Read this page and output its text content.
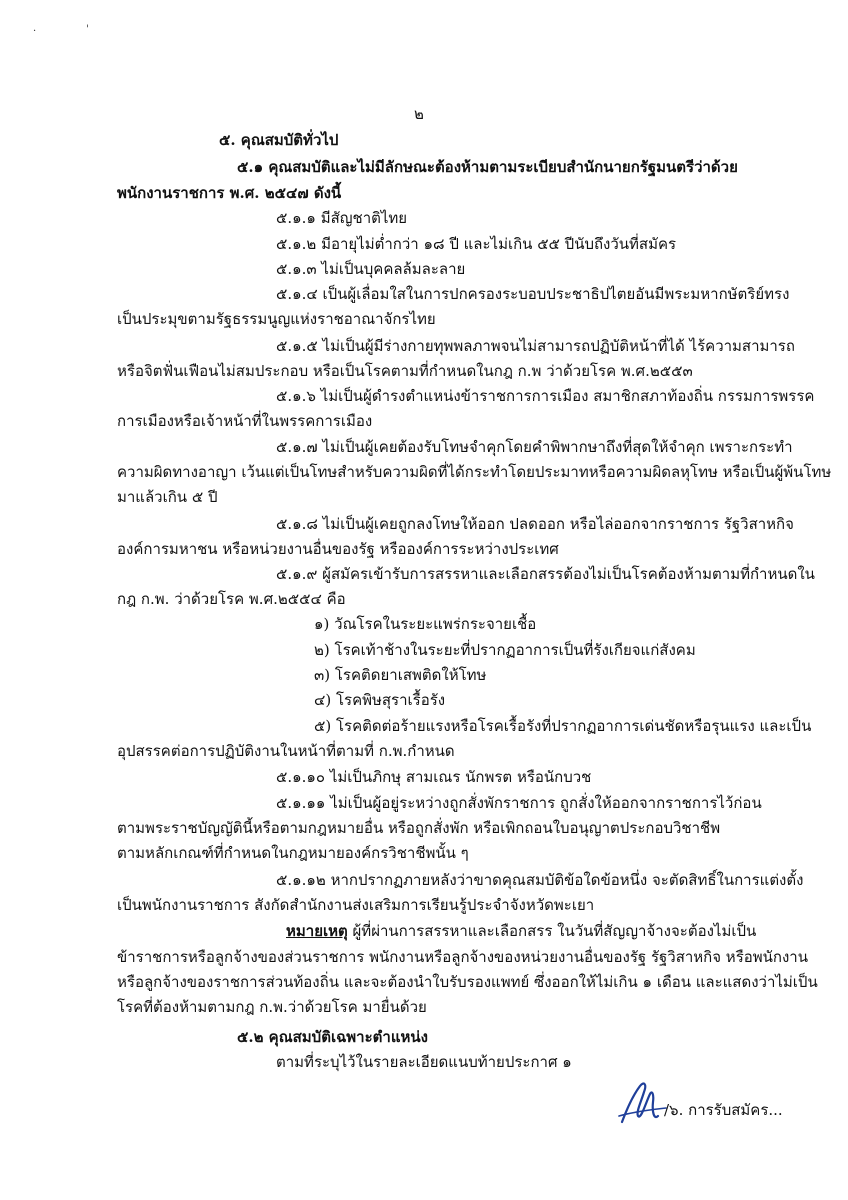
·	'
๒
๕. คุณสมบัติทั่วไป
๕.๑ คุณสมบัติและไม่มีลักษณะต้องห้ามตามระเบียบสำนักนายกรัฐมนตรีว่าด้วย
พนักงานราชการ พ.ศ. ๒๕๔๗ ดังนี้
๕.๑.๑ มีสัญชาติไทย
๕.๑.๒ มีอายุไม่ต่ำกว่า ๑๘ ปี และไม่เกิน ๕๕ ปีนับถึงวันที่สมัคร
๕.๑.๓ ไม่เป็นบุคคลล้มละลาย
๕.๑.๔ เป็นผู้เลื่อมใสในการปกครองระบอบประชาธิปไตยอันมีพระมหากษัตริย์ทรง
เป็นประมุขตามรัฐธรรมนูญแห่งราชอาณาจักรไทย
๕.๑.๕ ไม่เป็นผู้มีร่างกายทุพพลภาพจนไม่สามารถปฏิบัติหน้าที่ได้ ไร้ความสามารถ
หรือจิตฟั่นเฟือนไม่สมประกอบ หรือเป็นโรคตามที่กำหนดในกฎ ก.พ ว่าด้วยโรค พ.ศ.๒๕๕๓
๕.๑.๖ ไม่เป็นผู้ดำรงตำแหน่งข้าราชการการเมือง สมาชิกสภาท้องถิ่น กรรมการพรรค
การเมืองหรือเจ้าหน้าที่ในพรรคการเมือง
๕.๑.๗ ไม่เป็นผู้เคยต้องรับโทษจำคุกโดยคำพิพากษาถึงที่สุดให้จำคุก เพราะกระทำ
ความผิดทางอาญา เว้นแต่เป็นโทษสำหรับความผิดที่ได้กระทำโดยประมาทหรือความผิดลหุโทษ หรือเป็นผู้พ้นโทษ
มาแล้วเกิน ๕ ปี
๕.๑.๘ ไม่เป็นผู้เคยถูกลงโทษให้ออก ปลดออก หรือไล่ออกจากราชการ รัฐวิสาหกิจ
องค์การมหาชน หรือหน่วยงานอื่นของรัฐ หรือองค์การระหว่างประเทศ
๕.๑.๙ ผู้สมัครเข้ารับการสรรหาและเลือกสรรต้องไม่เป็นโรคต้องห้ามตามที่กำหนดใน
กฎ ก.พ. ว่าด้วยโรค พ.ศ.๒๕๕๔ คือ
๑) วัณโรคในระยะแพร่กระจายเชื้อ
๒) โรคเท้าช้างในระยะที่ปรากฏอาการเป็นที่รังเกียจแก่สังคม
๓) โรคติดยาเสพติดให้โทษ
๔) โรคพิษสุราเรื้อรัง
๕) โรคติดต่อร้ายแรงหรือโรคเรื้อรังที่ปรากฏอาการเด่นชัดหรือรุนแรง และเป็น
อุปสรรคต่อการปฏิบัติงานในหน้าที่ตามที่ ก.พ.กำหนด
๕.๑.๑๐ ไม่เป็นภิกษุ สามเณร นักพรต หรือนักบวช
๕.๑.๑๑ ไม่เป็นผู้อยู่ระหว่างถูกสั่งพักราชการ ถูกสั่งให้ออกจากราชการไว้ก่อน
ตามพระราชบัญญัตินี้หรือตามกฎหมายอื่น หรือถูกสั่งพัก หรือเพิกถอนใบอนุญาตประกอบวิชาชีพ
ตามหลักเกณฑ์ที่กำหนดในกฎหมายองค์กรวิชาชีพนั้น ๆ
๕.๑.๑๒ หากปรากฏภายหลังว่าขาดคุณสมบัติข้อใดข้อหนึ่ง จะตัดสิทธิ์ในการแต่งตั้ง
เป็นพนักงานราชการ สังกัดสำนักงานส่งเสริมการเรียนรู้ประจำจังหวัดพะเยา
หมายเหตุ ผู้ที่ผ่านการสรรหาและเลือกสรร ในวันที่สัญญาจ้างจะต้องไม่เป็น
ข้าราชการหรือลูกจ้างของส่วนราชการ พนักงานหรือลูกจ้างของหน่วยงานอื่นของรัฐ รัฐวิสาหกิจ หรือพนักงาน
หรือลูกจ้างของราชการส่วนท้องถิ่น และจะต้องนำใบรับรองแพทย์ ซึ่งออกให้ไม่เกิน ๑ เดือน และแสดงว่าไม่เป็น
โรคที่ต้องห้ามตามกฎ ก.พ.ว่าด้วยโรค มายื่นด้วย
๕.๒ คุณสมบัติเฉพาะตำแหน่ง
ตามที่ระบุไว้ในรายละเอียดแนบท้ายประกาศ ๑
/๖. การรับสมัคร...
